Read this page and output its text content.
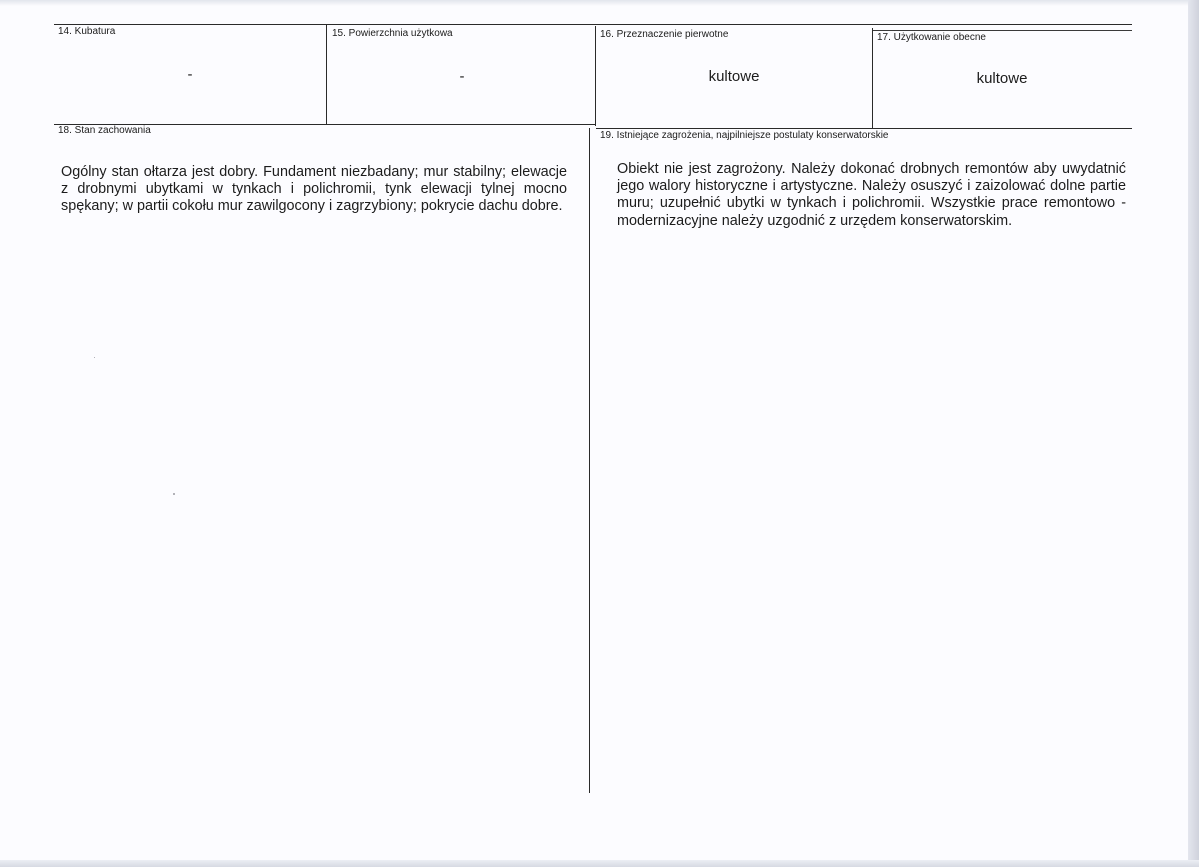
14. Kubatura
-
15. Powierzchnia użytkowa
-
16. Przeznaczenie pierwotne
kultowe
17. Użytkowanie obecne
kultowe
18. Stan zachowania
Ogólny stan ołtarza jest dobry. Fundament niezbadany; mur stabilny; elewacje z drobnymi ubytkami w tynkach i polichromii, tynk elewacji tylnej mocno spękany; w partii cokołu mur zawilgocony i zagrzybiony; pokrycie dachu dobre.
19. Istniejące zagrożenia, najpilniejsze postulaty konserwatorskie
Obiekt nie jest zagrożony. Należy dokonać drobnych remontów aby uwydatnić jego walory historyczne i artystyczne. Należy osuszyć i zaizolować dolne partie muru; uzupełnić ubytki w tynkach i polichromii. Wszystkie prace remontowo - modernizacyjne należy uzgodnić z urzędem konserwatorskim.
